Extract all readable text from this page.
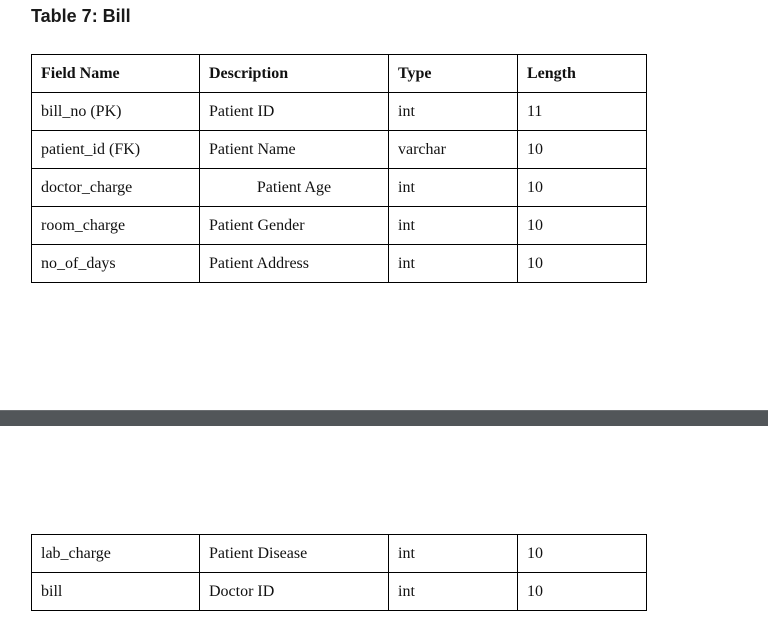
Table 7: Bill
Field Name	Description	Type	Length
bill_no (PK)	Patient ID	int	11
patient_id (FK)	Patient Name	varchar	10
doctor_charge	Patient Age	int	10
room_charge	Patient Gender	int	10
no_of_days	Patient Address	int	10
lab_charge	Patient Disease	int	10
bill	Doctor ID	int	10
